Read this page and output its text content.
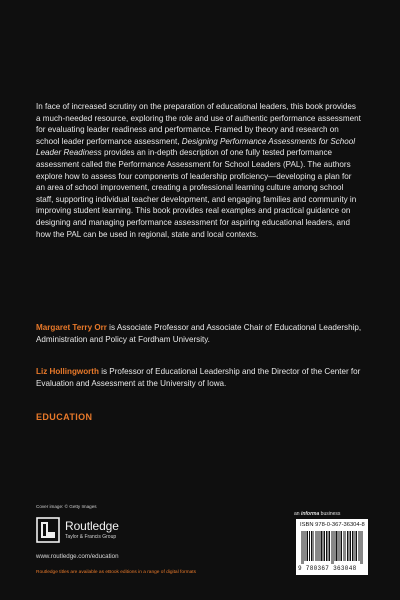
In face of increased scrutiny on the preparation of educational leaders, this book provides a much-needed resource, exploring the role and use of authentic performance assessment for evaluating leader readiness and performance. Framed by theory and research on school leader performance assessment, Designing Performance Assessments for School Leader Readiness provides an in-depth description of one fully tested performance assessment called the Performance Assessment for School Leaders (PAL). The authors explore how to assess four components of leadership proficiency—developing a plan for an area of school improvement, creating a professional learning culture among school staff, supporting individual teacher development, and engaging families and community in improving student learning. This book provides real examples and practical guidance on designing and managing performance assessment for aspiring educational leaders, and how the PAL can be used in regional, state and local contexts.

Margaret Terry Orr is Associate Professor and Associate Chair of Educational Leadership, Administration and Policy at Fordham University.

Liz Hollingworth is Professor of Educational Leadership and the Director of the Center for Evaluation and Assessment at the University of Iowa.

EDUCATION
Cover image: © Getty Images
Routledge
Taylor & Francis Group
www.routledge.com/education
Routledge titles are available as eBook editions in a range of digital formats
an informa business
ISBN 978-0-367-36304-8
9 780367 363048
